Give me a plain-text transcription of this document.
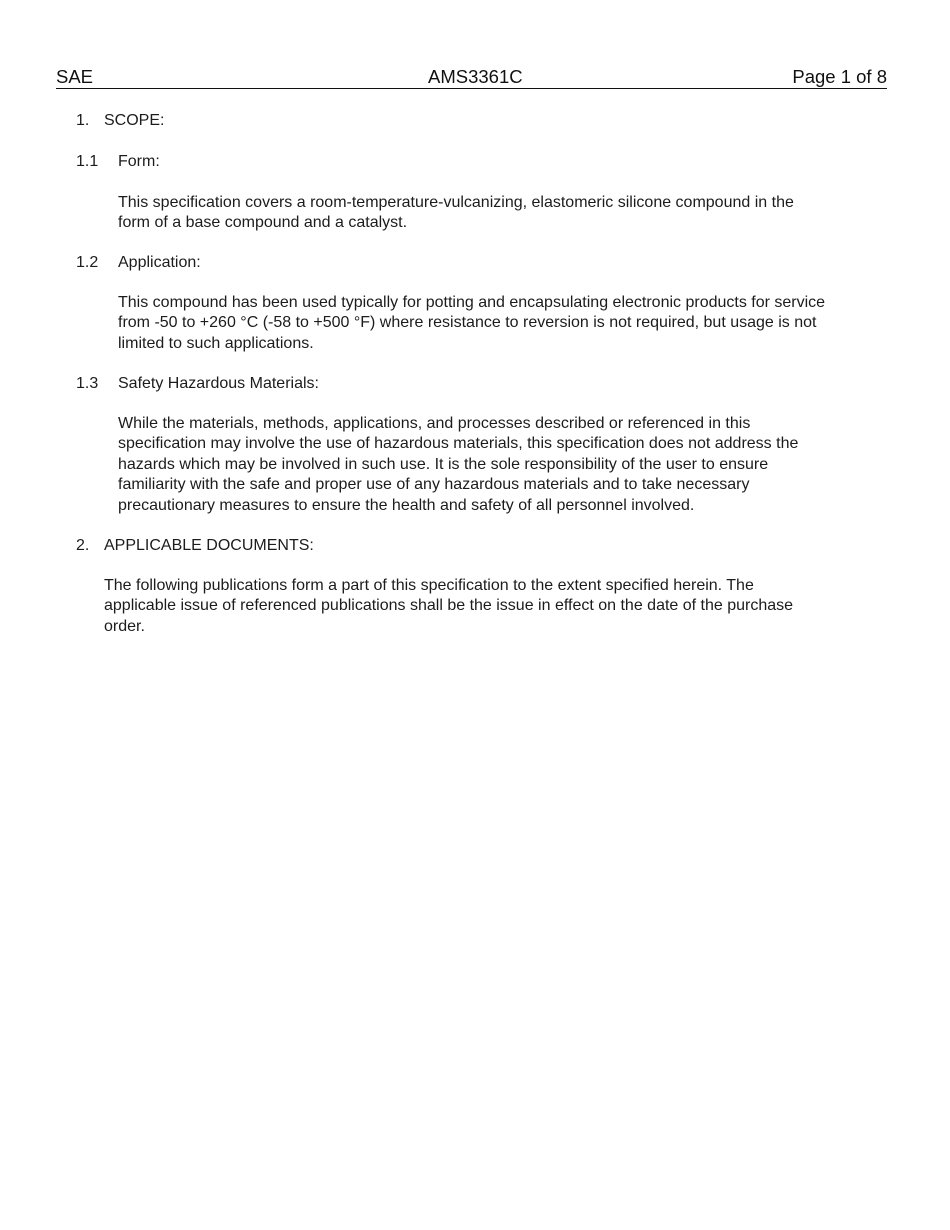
SAE	AMS3361C	Page 1 of 8
1. SCOPE:
1.1 Form:
This specification covers a room-temperature-vulcanizing, elastomeric silicone compound in the
form of a base compound and a catalyst.
1.2 Application:
This compound has been used typically for potting and encapsulating electronic products for service
from -50 to +260 °C (-58 to +500 °F) where resistance to reversion is not required, but usage is not
limited to such applications.
1.3 Safety Hazardous Materials:
While the materials, methods, applications, and processes described or referenced in this
specification may involve the use of hazardous materials, this specification does not address the
hazards which may be involved in such use. It is the sole responsibility of the user to ensure
familiarity with the safe and proper use of any hazardous materials and to take necessary
precautionary measures to ensure the health and safety of all personnel involved.
2. APPLICABLE DOCUMENTS:
The following publications form a part of this specification to the extent specified herein. The
applicable issue of referenced publications shall be the issue in effect on the date of the purchase
order.
